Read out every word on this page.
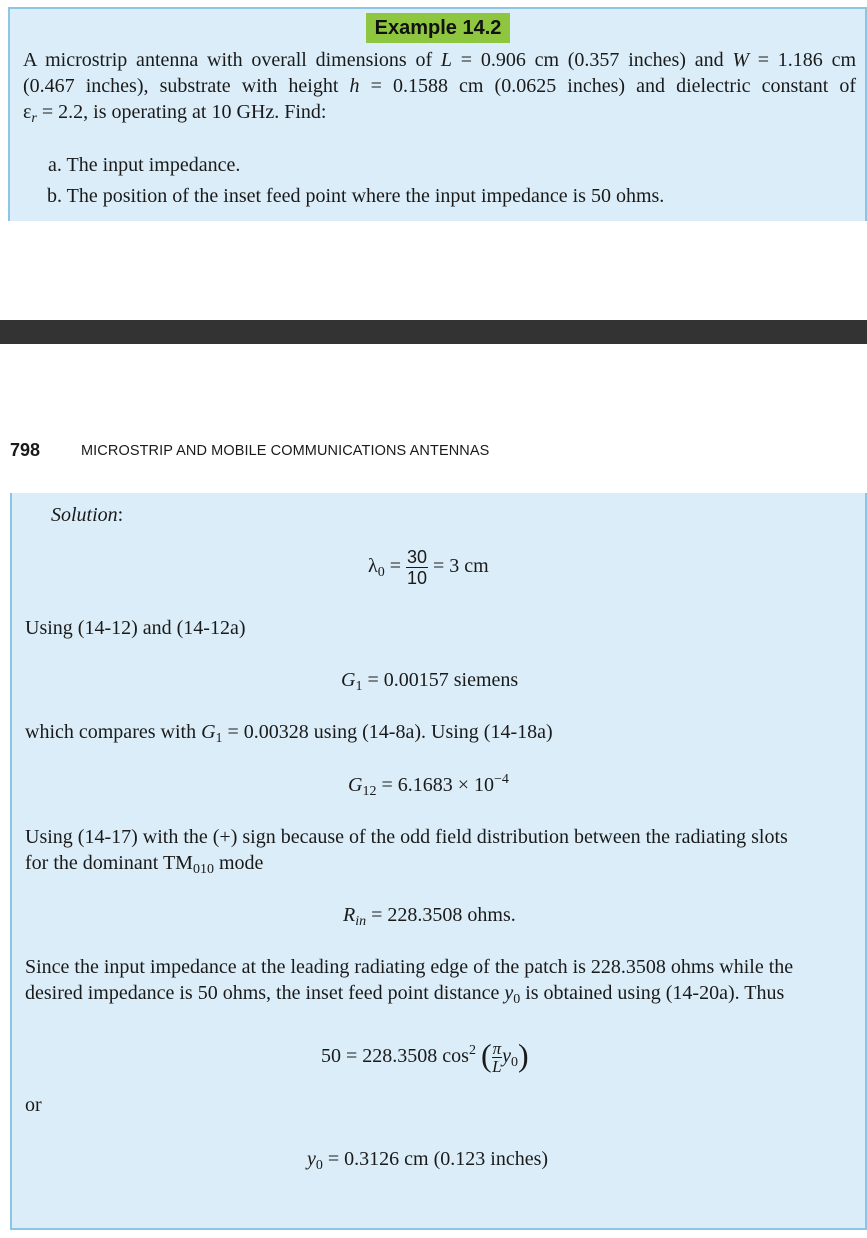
Example 14.2
A microstrip antenna with overall dimensions of L = 0.906 cm (0.357 inches) and W = 1.186 cm
(0.467 inches), substrate with height h = 0.1588 cm (0.0625 inches) and dielectric constant of
$\varepsilon_r = 2.2$, is operating at 10 GHz. Find:
a. The input impedance.
b. The position of the inset feed point where the input impedance is 50 ohms.
798	MICROSTRIP AND MOBILE COMMUNICATIONS ANTENNAS
Solution:
$\lambda_0 = \frac{30}{10} = 3$ cm
Using (14-12) and (14-12a)
$G_1 = 0.00157$ siemens
which compares with $G_1 = 0.00328$ using (14-8a). Using (14-18a)
$G_{12} = 6.1683 \times 10^{-4}$
Using (14-17) with the (+) sign because of the odd field distribution between the radiating slots
for the dominant $TM_{010}$ mode
$R_{in} = 228.3508$ ohms.
Since the input impedance at the leading radiating edge of the patch is 228.3508 ohms while the
desired impedance is 50 ohms, the inset feed point distance $y_0$ is obtained using (14-20a). Thus
50 = 228.3508 $\cos^2$ ( $\frac{\pi}{L} y_0$)
or
$y_0 = 0.3126$ cm (0.123 inches)
